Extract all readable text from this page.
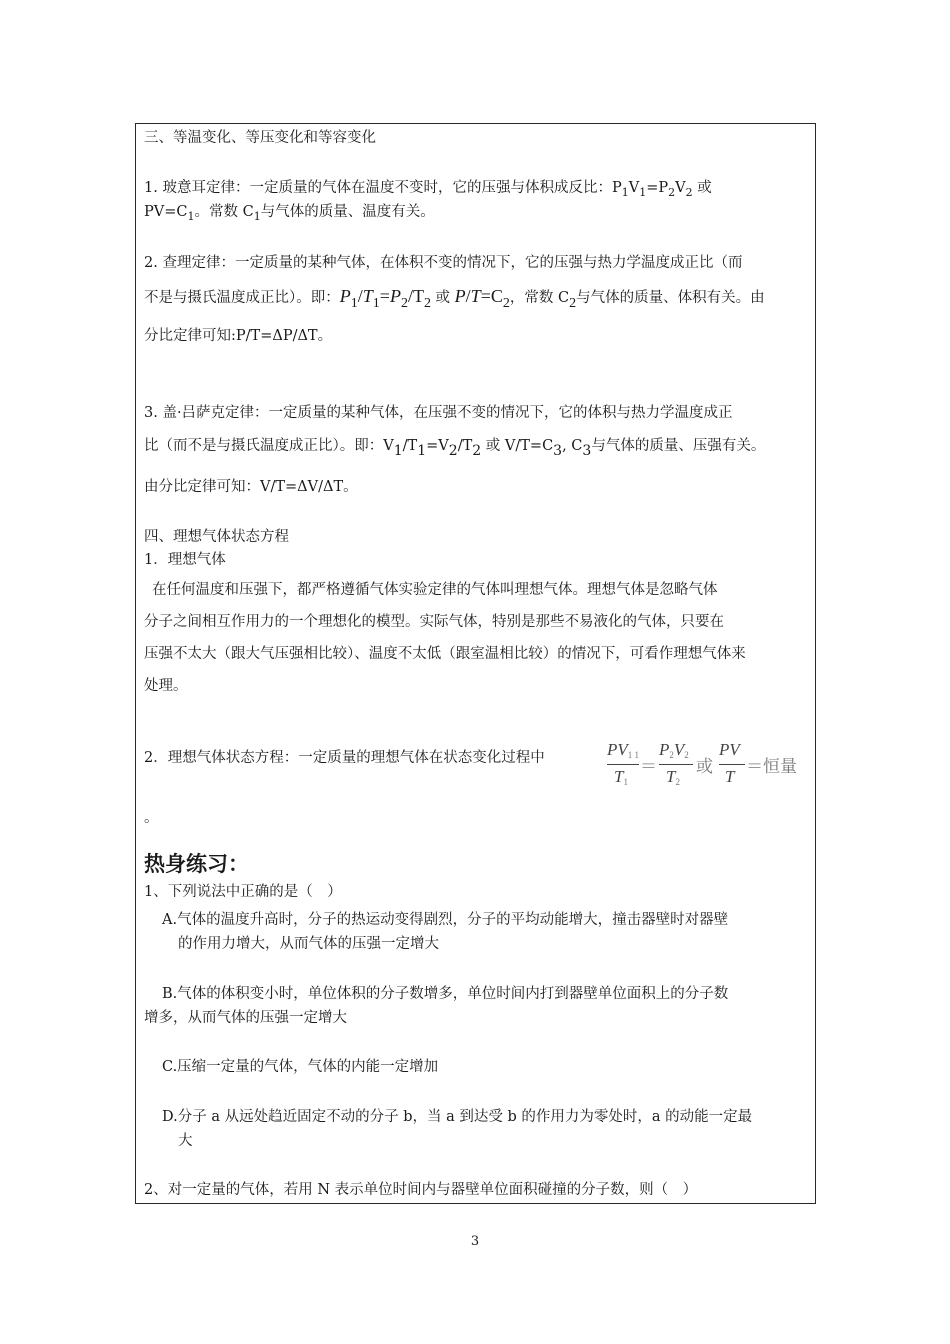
三、等温变化、等压变化和等容变化
1. 玻意耳定律：一定质量的气体在温度不变时，它的压强与体积成反比：$P_1V_1=P_2V_2$ 或
$PV=C_1$。常数 $C_1$与气体的质量、温度有关。
2. 查理定律：一定质量的某种气体，在体积不变的情况下，它的压强与热力学温度成正比（而
不是与摄氏温度成正比）。即：P1/T1=P2/T2 或 P/T=C2，常数 C2与气体的质量、体积有关。由
分比定律可知:P/T=ΔP/ΔT。
3. 盖·吕萨克定律：一定质量的某种气体，在压强不变的情况下，它的体积与热力学温度成正
比（而不是与摄氏温度成正比）。即：V1/T1=V2/T2 或 V/T=C3, C3与气体的质量、压强有关。
由分比定律可知：V/T=ΔV/ΔT。
四、理想气体状态方程
1．理想气体
在任何温度和压强下，都严格遵循气体实验定律的气体叫理想气体。理想气体是忽略气体
分子之间相互作用力的一个理想化的模型。实际气体，特别是那些不易液化的气体，只要在
压强不太大（跟大气压强相比较）、温度不太低（跟室温相比较）的情况下，可看作理想气体来
处理。
2．理想气体状态方程：一定质量的理想气体在状态变化过程中	PV1 1
T1
＝
P2V2
T2
或
PV
T ＝恒量
。
热身练习：
1、下列说法中正确的是（　）
A.气体的温度升高时，分子的热运动变得剧烈，分子的平均动能增大，撞击器壁时对器壁
的作用力增大，从而气体的压强一定增大
B.气体的体积变小时，单位体积的分子数增多，单位时间内打到器壁单位面积上的分子数
增多，从而气体的压强一定增大
C.压缩一定量的气体，气体的内能一定增加
D.分子 a 从远处趋近固定不动的分子 b，当 a 到达受 b 的作用力为零处时，a 的动能一定最
大
2、对一定量的气体，若用 N 表示单位时间内与器壁单位面积碰撞的分子数，则（　）
3
